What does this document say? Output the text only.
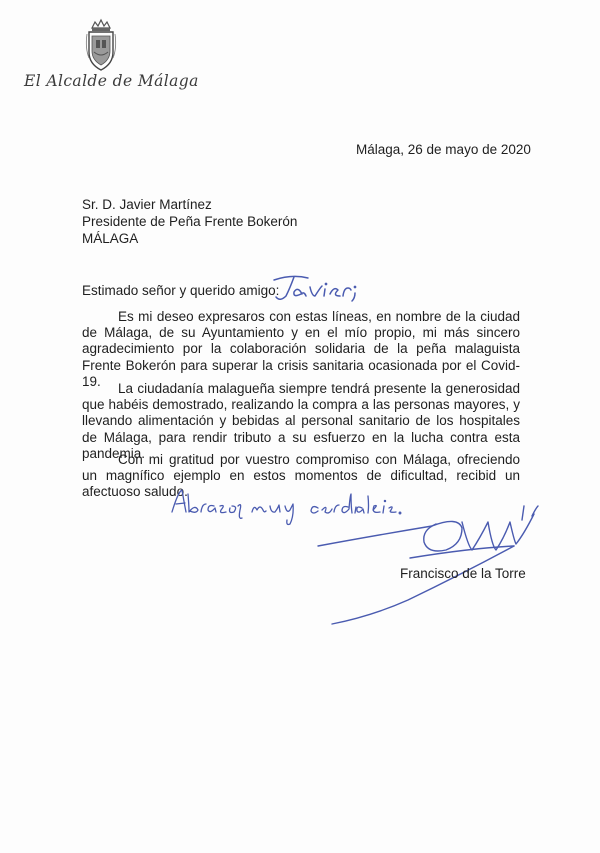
El Alcalde de Málaga
Málaga, 26 de mayo de 2020
Sr. D. Javier Martínez
Presidente de Peña Frente Bokerón
MÁLAGA
Estimado señor y querido amigo:

Es mi deseo expresaros con estas líneas, en nombre de la ciudad de Málaga, de su Ayuntamiento y en el mío propio, mi más sincero agradecimiento por la colaboración solidaria de la peña malaguista Frente Bokerón para superar la crisis sanitaria ocasionada por el Covid- 19.	La ciudadanía malagueña siempre tendrá presente la generosidad que habéis demostrado, realizando la compra a las personas mayores, y llevando alimentación y bebidas al personal sanitario de los hospitales de Málaga, para rendir tributo a su esfuerzo en la lucha contra esta pandemia.

Con mi gratitud por vuestro compromiso con Málaga, ofreciendo un magnífico ejemplo en estos momentos de dificultad, recibid un afectuoso saludo.

Francisco de la Torre
